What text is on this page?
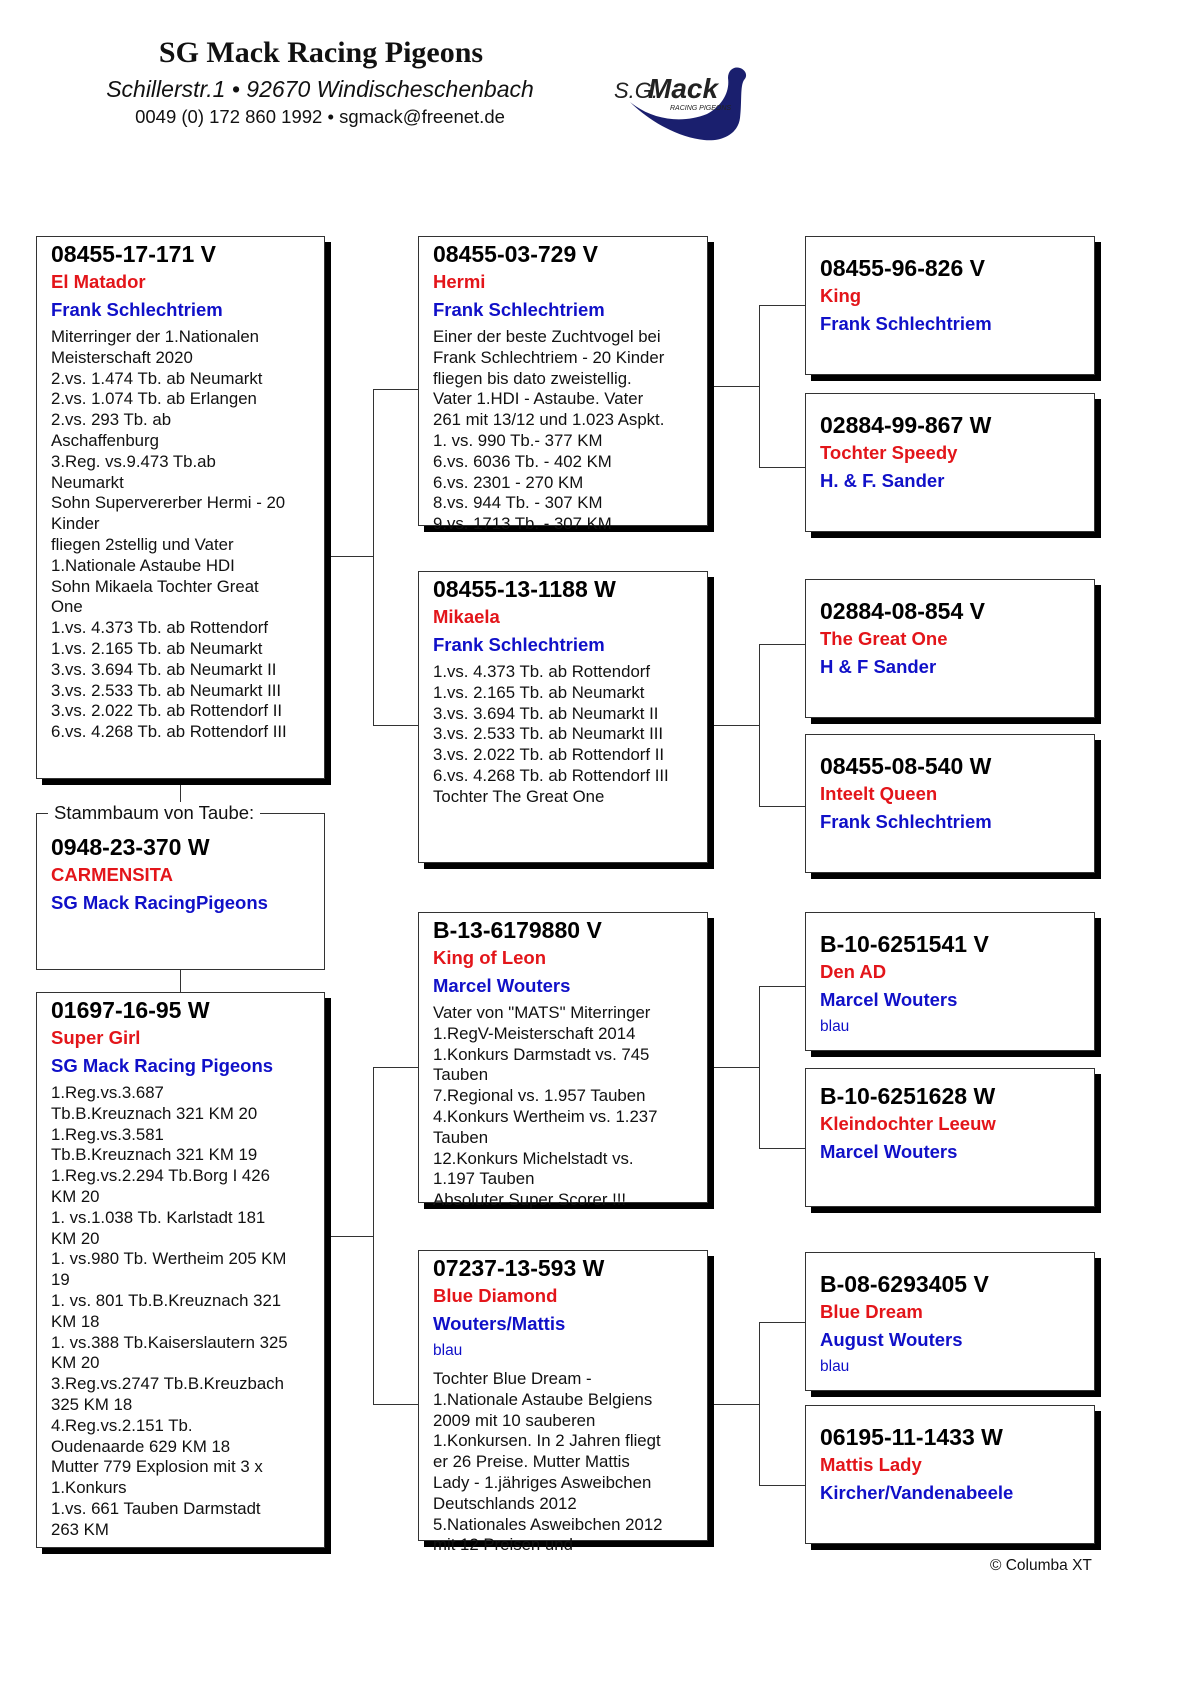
SG Mack Racing Pigeons
Schillerstr.1 • 92670 Windischeschenbach
0049 (0) 172 860 1992 • sgmack@freenet.de
S.G.
Mack
RACING PIGEONS
08455-17-171 V
El Matador
Frank Schlechtriem
Miterringer der 1.Nationalen
Meisterschaft 2020
2.vs. 1.474 Tb. ab Neumarkt
2.vs. 1.074 Tb. ab Erlangen
2.vs. 293 Tb. ab
Aschaffenburg
3.Reg. vs.9.473 Tb.ab
Neumarkt
Sohn Supervererber Hermi - 20
Kinder
fliegen 2stellig und Vater
1.Nationale Astaube HDI
Sohn Mikaela Tochter Great
One
1.vs. 4.373 Tb. ab Rottendorf
1.vs. 2.165 Tb. ab Neumarkt
3.vs. 3.694 Tb. ab Neumarkt II
3.vs. 2.533 Tb. ab Neumarkt III
3.vs. 2.022 Tb. ab Rottendorf II
6.vs. 4.268 Tb. ab Rottendorf III
0948-23-370 W
CARMENSITA
SG Mack RacingPigeons
Stammbaum von Taube:
01697-16-95 W
Super Girl
SG Mack Racing Pigeons
1.Reg.vs.3.687
Tb.B.Kreuznach 321 KM 20
1.Reg.vs.3.581
Tb.B.Kreuznach 321 KM 19
1.Reg.vs.2.294 Tb.Borg I 426
KM 20
1. vs.1.038 Tb. Karlstadt 181
KM 20
1. vs.980 Tb. Wertheim 205 KM
19
1. vs. 801 Tb.B.Kreuznach 321
KM 18
1. vs.388 Tb.Kaiserslautern 325
KM 20
3.Reg.vs.2747 Tb.B.Kreuzbach
325 KM 18
4.Reg.vs.2.151 Tb.
Oudenaarde 629 KM 18
Mutter 779 Explosion mit 3 x
1.Konkurs
1.vs. 661 Tauben Darmstadt
263 KM
08455-03-729 V
Hermi
Frank Schlechtriem
Einer der beste Zuchtvogel bei
Frank Schlechtriem - 20 Kinder
fliegen bis dato zweistellig.
Vater 1.HDI - Astaube. Vater
261 mit 13/12 und 1.023 Aspkt.
1. vs. 990 Tb.- 377 KM
6.vs. 6036 Tb. - 402 KM
6.vs. 2301 - 270 KM
8.vs. 944 Tb. - 307 KM
9.vs. 1713 Tb. - 307 KM
08455-13-1188 W
Mikaela
Frank Schlechtriem
1.vs. 4.373 Tb. ab Rottendorf
1.vs. 2.165 Tb. ab Neumarkt
3.vs. 3.694 Tb. ab Neumarkt II
3.vs. 2.533 Tb. ab Neumarkt III
3.vs. 2.022 Tb. ab Rottendorf II
6.vs. 4.268 Tb. ab Rottendorf III
Tochter The Great One
B-13-6179880 V
King of Leon
Marcel Wouters
Vater von "MATS" Miterringer
1.RegV-Meisterschaft 2014
1.Konkurs Darmstadt vs. 745
Tauben
7.Regional vs. 1.957 Tauben
4.Konkurs Wertheim vs. 1.237
Tauben
12.Konkurs Michelstadt vs.
1.197 Tauben
Absoluter Super Scorer !!!
07237-13-593 W
Blue Diamond
Wouters/Mattis
blau
Tochter Blue Dream -
1.Nationale Astaube Belgiens
2009 mit 10 sauberen
1.Konkursen. In 2 Jahren fliegt
er 26 Preise. Mutter Mattis
Lady - 1.jähriges Asweibchen
Deutschlands 2012
5.Nationales Asweibchen 2012
mit 12 Preisen und
08455-96-826 V
King
Frank Schlechtriem
02884-99-867 W
Tochter Speedy
H. & F. Sander
02884-08-854 V
The Great One
H & F Sander
08455-08-540 W
Inteelt Queen
Frank Schlechtriem
B-10-6251541 V
Den AD
Marcel Wouters
blau
B-10-6251628 W
Kleindochter Leeuw
Marcel Wouters
B-08-6293405 V
Blue Dream
August Wouters
blau
06195-11-1433 W
Mattis Lady
Kircher/Vandenabeele
© Columba XT
